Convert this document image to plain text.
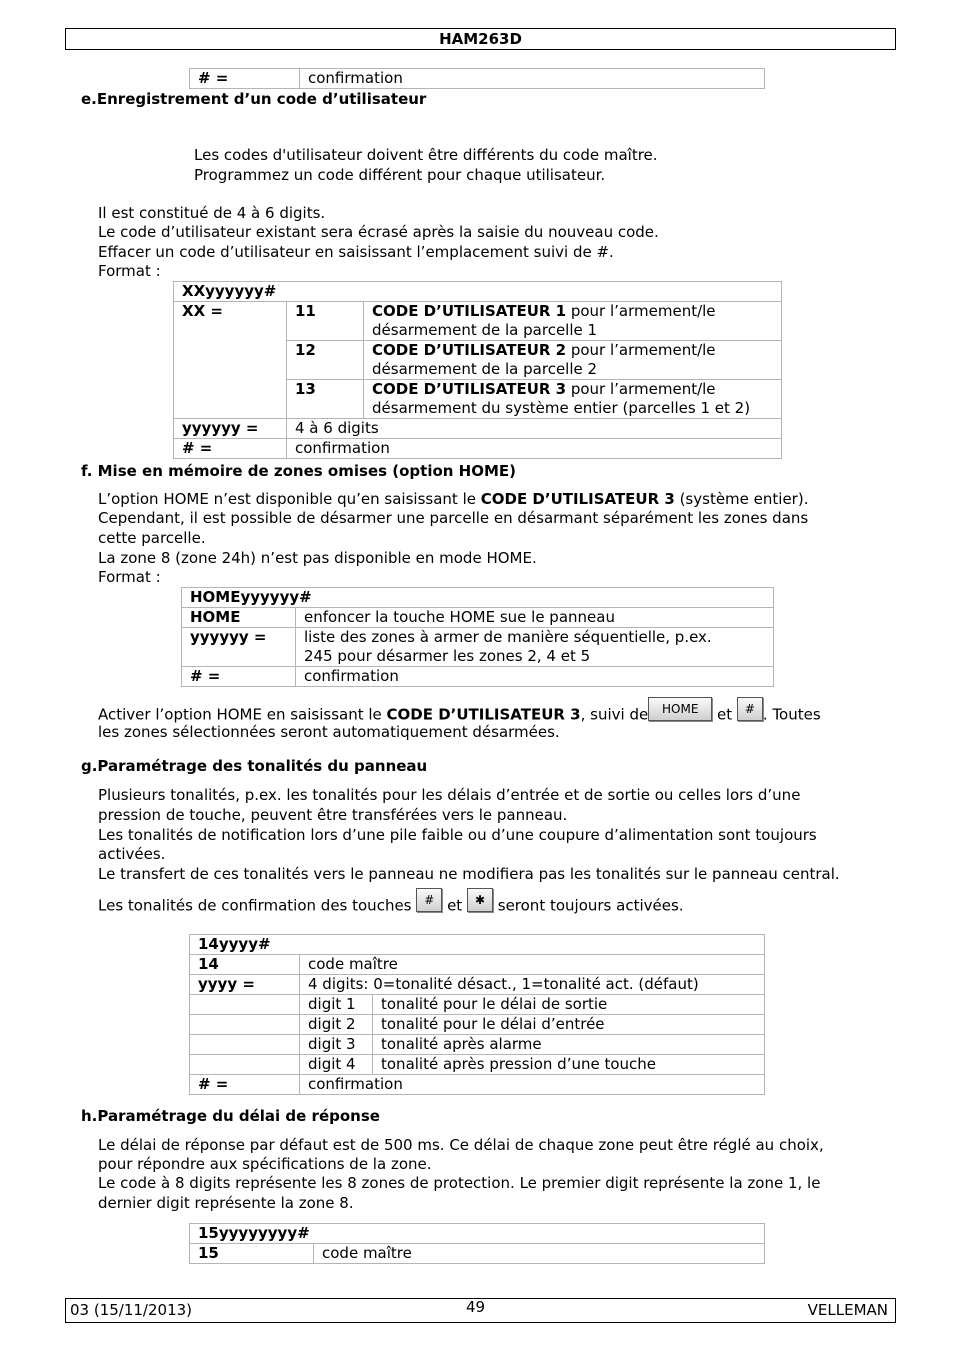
HAM263D
# =	confirmation
e.Enregistrement d’un code d’utilisateur
Les codes d'utilisateur doivent être différents du code maître.
Programmez un code différent pour chaque utilisateur.
Il est constitué de 4 à 6 digits.
Le code d’utilisateur existant sera écrasé après la saisie du nouveau code.
Effacer un code d’utilisateur en saisissant l’emplacement suivi de #.
Format :
XXyyyyyy#		
XX =	11	CODE D’UTILISATEUR 1 pour l’armement/le
désarmement de la parcelle 1
	12	CODE D’UTILISATEUR 2 pour l’armement/le
désarmement de la parcelle 2
	13	CODE D’UTILISATEUR 3 pour l’armement/le
désarmement du système entier (parcelles 1 et 2)
yyyyyy =	4 à 6 digits	
# =	confirmation	
f. Mise en mémoire de zones omises (option HOME)
L’option HOME n’est disponible qu’en saisissant le CODE D’UTILISATEUR 3 (système entier).
Cependant, il est possible de désarmer une parcelle en désarmant séparément les zones dans
cette parcelle.
La zone 8 (zone 24h) n’est pas disponible en mode HOME.
Format :
HOMEyyyyyy#	
HOME	enfoncer la touche HOME sue le panneau
yyyyyy =	liste des zones à armer de manière séquentielle, p.ex.
245 pour désarmer les zones 2, 4 et 5
# =	confirmation
Activer l’option HOME en saisissant le CODE D’UTILISATEUR 3, suivi de HOME et # . Toutes
les zones sélectionnées seront automatiquement désarmées.
g.Paramétrage des tonalités du panneau
Plusieurs tonalités, p.ex. les tonalités pour les délais d’entrée et de sortie ou celles lors d’une
pression de touche, peuvent être transférées vers le panneau.
Les tonalités de notification lors d’une pile faible ou d’une coupure d’alimentation sont toujours
activées.
Le transfert de ces tonalités vers le panneau ne modifiera pas les tonalités sur le panneau central.
Les tonalités de confirmation des touches # et ✱ seront toujours activées.
14yyyy#		
14	code maître	
yyyy =	4 digits: 0=tonalité désact., 1=tonalité act. (défaut)	
	digit 1	tonalité pour le délai de sortie
	digit 2	tonalité pour le délai d’entrée
	digit 3	tonalité après alarme
	digit 4	tonalité après pression d’une touche
# =	confirmation	
h.Paramétrage du délai de réponse
Le délai de réponse par défaut est de 500 ms. Ce délai de chaque zone peut être réglé au choix,
pour répondre aux spécifications de la zone.
Le code à 8 digits représente les 8 zones de protection. Le premier digit représente la zone 1, le
dernier digit représente la zone 8.
15yyyyyyyy#
15	code maître
03 (15/11/2013)	VELLEMAN
49
